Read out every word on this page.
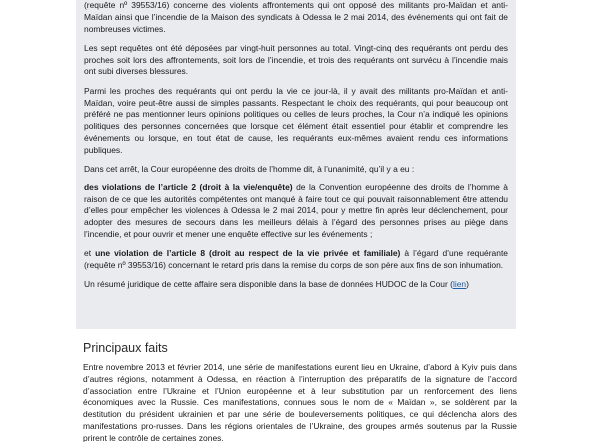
(requête nº 39553/16) concerne des violents affrontements qui ont opposé des militants pro-Maïdan et anti-Maïdan ainsi que l’incendie de la Maison des syndicats à Odessa le 2 mai 2014, des événements qui ont fait de nombreuses victimes.

Les sept requêtes ont été déposées par vingt-huit personnes au total. Vingt-cinq des requérants ont perdu des proches soit lors des affrontements, soit lors de l’incendie, et trois des requérants ont survécu à l’incendie mais ont subi diverses blessures.

Parmi les proches des requérants qui ont perdu la vie ce jour-là, il y avait des militants pro-Maïdan et anti-Maïdan, voire peut-être aussi de simples passants. Respectant le choix des requérants, qui pour beaucoup ont préféré ne pas mentionner leurs opinions politiques ou celles de leurs proches, la Cour n’a indiqué les opinions politiques des personnes concernées que lorsque cet élément était essentiel pour établir et comprendre les événements ou lorsque, en tout état de cause, les requérants eux-mêmes avaient rendu ces informations publiques.

Dans cet arrêt, la Cour européenne des droits de l’homme dit, à l’unanimité, qu’il y a eu :

des violations de l’article 2 (droit à la vie/enquête) de la Convention européenne des droits de l’homme à raison de ce que les autorités compétentes ont manqué à faire tout ce qui pouvait raisonnablement être attendu d’elles pour empêcher les violences à Odessa le 2 mai 2014, pour y mettre fin après leur déclenchement, pour adopter des mesures de secours dans les meilleurs délais à l’égard des personnes prises au piège dans l’incendie, et pour ouvrir et mener une enquête effective sur les événements ;

et une violation de l’article 8 (droit au respect de la vie privée et familiale) à l’égard d’une requérante (requête nº 39553/16) concernant le retard pris dans la remise du corps de son père aux fins de son inhumation.

Un résumé juridique de cette affaire sera disponible dans la base de données HUDOC de la Cour (lien)

Principaux faits

Entre novembre 2013 et février 2014, une série de manifestations eurent lieu en Ukraine, d’abord à Kyiv puis dans d’autres régions, notamment à Odessa, en réaction à l’interruption des préparatifs de la signature de l’accord d’association entre l’Ukraine et l’Union européenne et à leur substitution par un renforcement des liens économiques avec la Russie. Ces manifestations, connues sous le nom de « Maïdan », se soldèrent par la destitution du président ukrainien et par une série de bouleversements politiques, ce qui déclencha alors des manifestations pro-russes. Dans les régions orientales de l’Ukraine, des groupes armés soutenus par la Russie prirent le contrôle de certaines zones.
